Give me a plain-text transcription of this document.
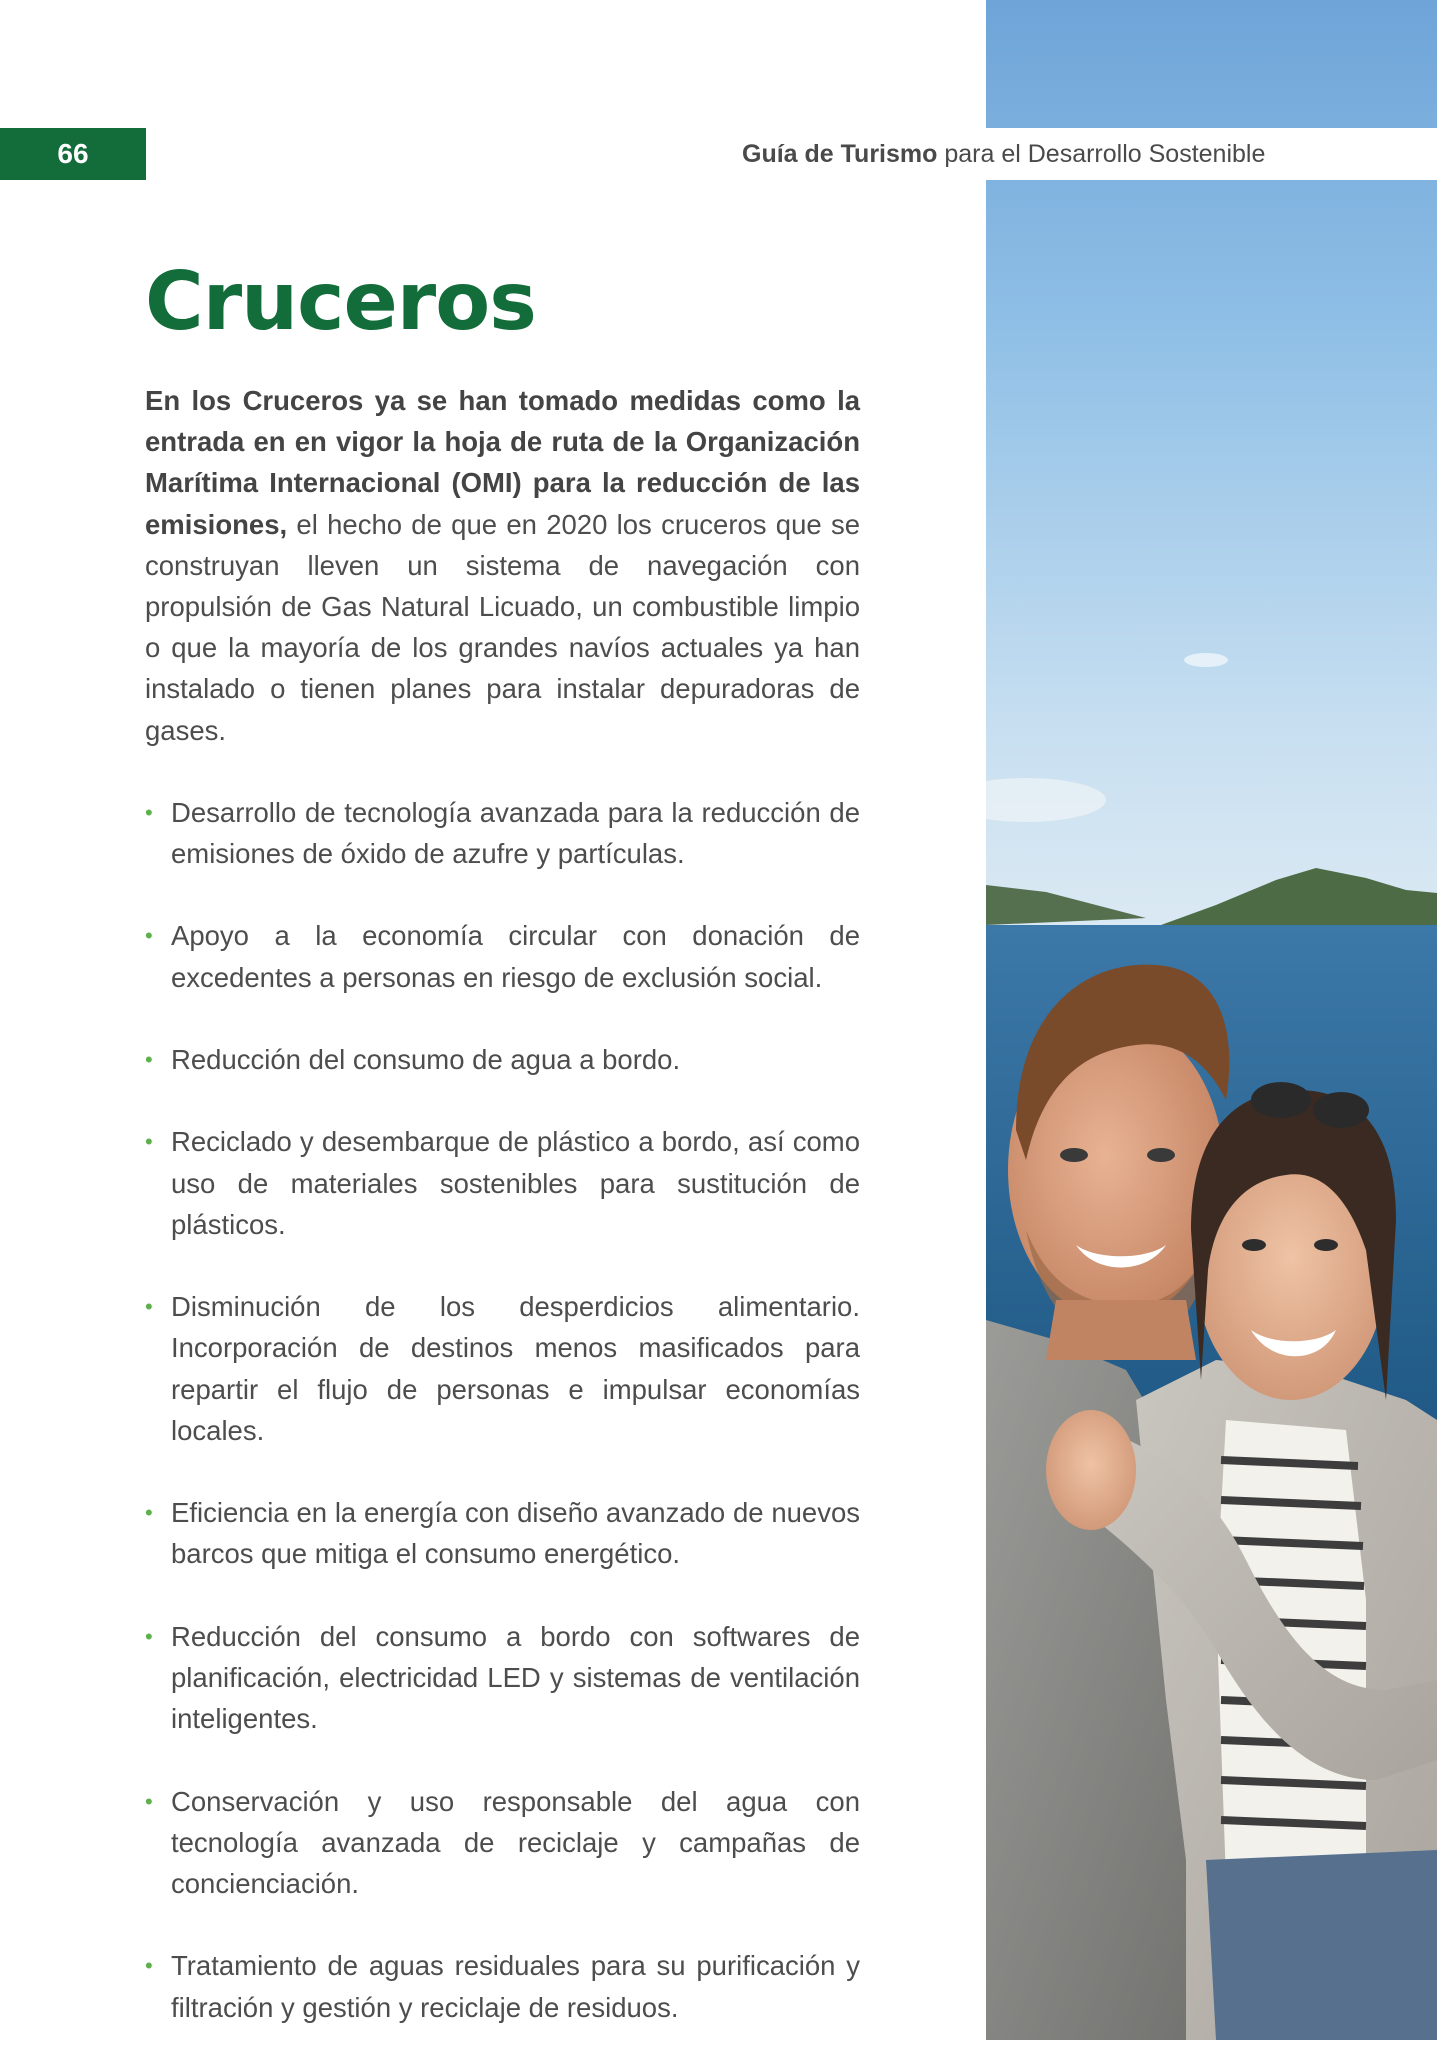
66	Guía de Turismo para el Desarrollo Sostenible
Cruceros

En los Cruceros ya se han tomado medidas como la entrada en en vigor la hoja de ruta de la Organización Marítima Internacional (OMI) para la reducción de las emisiones, el hecho de que en 2020 los cruceros que se construyan lleven un sistema de navegación con propulsión de Gas Natural Licuado, un combustible limpio o que la mayoría de los grandes navíos actuales ya han instalado o tienen planes para instalar depuradoras de gases.

• Desarrollo de tecnología avanzada para la reducción de emisiones de óxido de azufre y partículas.
• Apoyo a la economía circular con donación de excedentes a personas en riesgo de exclusión social.
• Reducción del consumo de agua a bordo.
• Reciclado y desembarque de plástico a bordo, así como uso de materiales sostenibles para sustitución de plásticos.
• Disminución de los desperdicios alimentario. Incorporación de destinos menos masificados para repartir el flujo de personas e impulsar economías locales.
• Eficiencia en la energía con diseño avanzado de nuevos barcos que mitiga el consumo energético.
• Reducción del consumo a bordo con softwares de planificación, electricidad LED y sistemas de ventilación inteligentes.
• Conservación y uso responsable del agua con tecnología avanzada de reciclaje y campañas de concienciación.
• Tratamiento de aguas residuales para su purificación y filtración y gestión y reciclaje de residuos.
